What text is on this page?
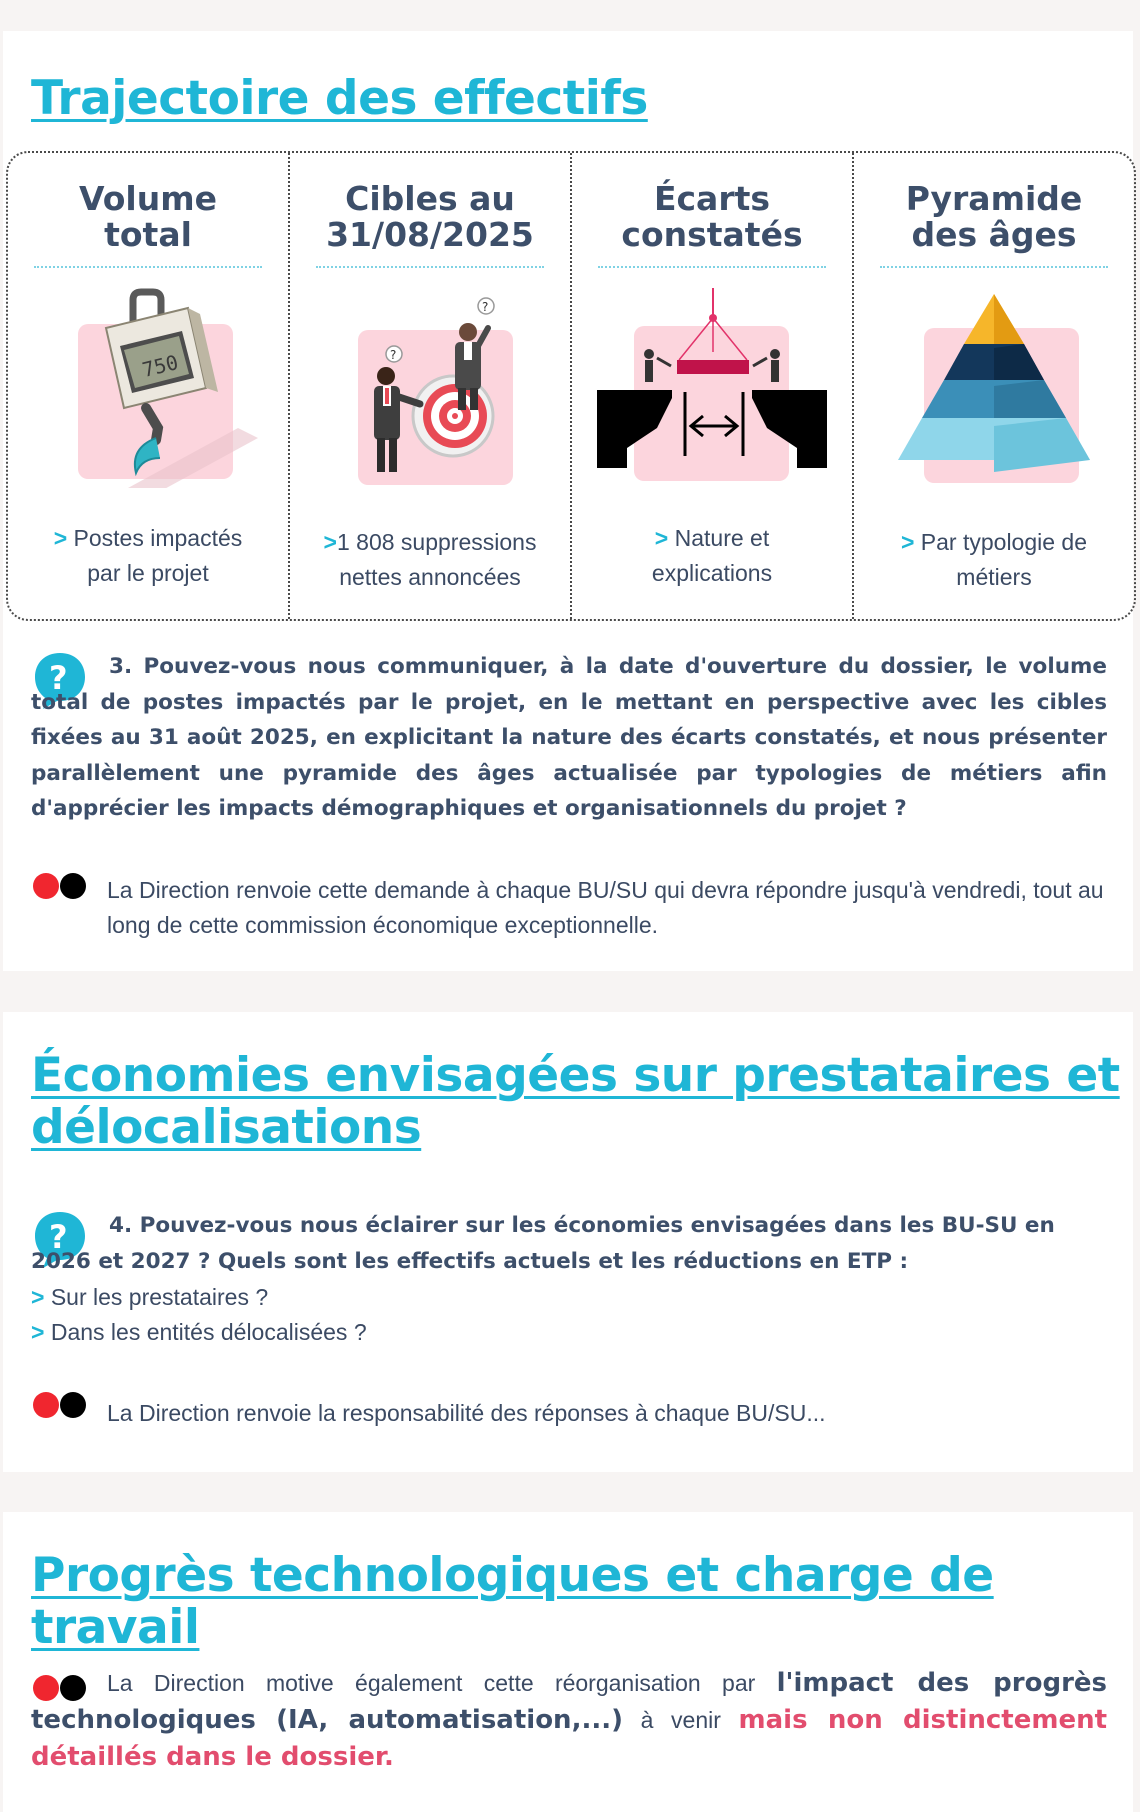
Trajectoire des effectifs
Volume
total
750
> Postes impactés
par le projet
Cibles au
31/08/2025
?
?
>1 808 suppressions
nettes annoncées
Écarts
constatés
> Nature et
explications
Pyramide
des âges
> Par typologie de
métiers
?	3. Pouvez-vous nous communiquer, à la date d'ouverture du dossier, le volume total de postes impactés par le projet, en le mettant en perspective avec les cibles fixées au 31 août 2025, en explicitant la nature des écarts constatés, et nous présenter parallèlement une pyramide des âges actualisée par typologies de métiers afin d'apprécier les impacts démographiques et organisationnels du projet ?
La Direction renvoie cette demande à chaque BU/SU qui devra répondre jusqu'à vendredi, tout au long de cette commission économique exceptionnelle.
Économies envisagées sur prestataires et
délocalisations
?	4. Pouvez-vous nous éclairer sur les économies envisagées dans les BU-SU en 2026 et 2027 ? Quels sont les effectifs actuels et les réductions en ETP :
> Sur les prestataires ?
> Dans les entités délocalisées ?
La Direction renvoie la responsabilité des réponses à chaque BU/SU...
Progrès technologiques et charge de travail
La Direction motive également cette réorganisation par l'impact des progrès technologiques (IA, automatisation,...) à venir mais non distinctement
détaillés dans le dossier.
